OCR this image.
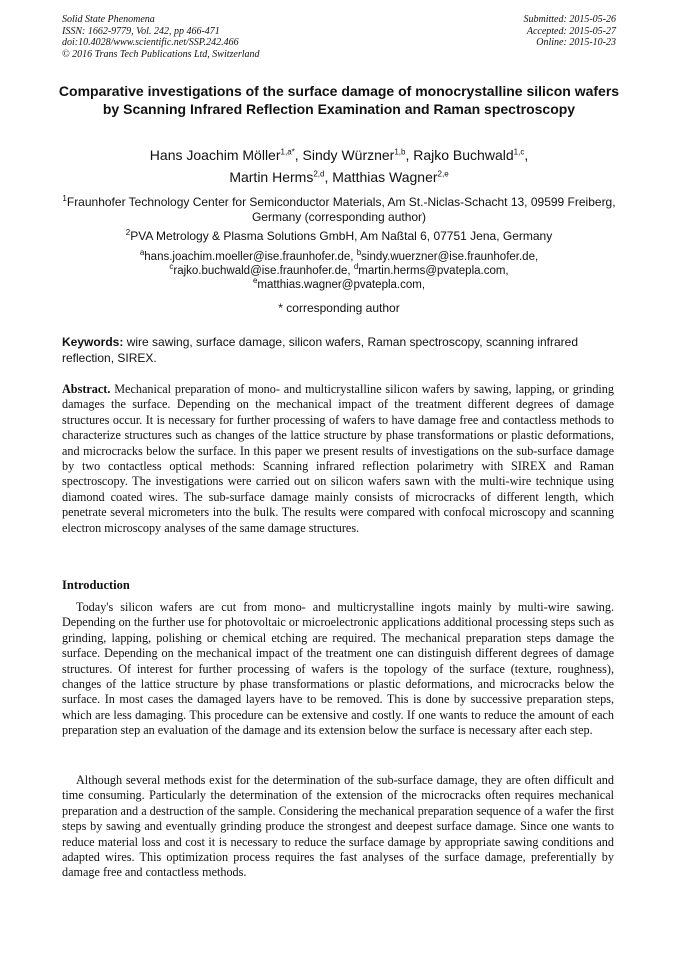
Solid State Phenomena
ISSN: 1662-9779, Vol. 242, pp 466-471
doi:10.4028/www.scientific.net/SSP.242.466
© 2016 Trans Tech Publications Ltd, Switzerland
Submitted: 2015-05-26
Accepted: 2015-05-27
Online: 2015-10-23
Comparative investigations of the surface damage of monocrystalline silicon wafers by Scanning Infrared Reflection Examination and Raman spectroscopy
Hans Joachim Möller$^{1,a*}$, Sindy Würzner$^{1,b}$, Rajko Buchwald$^{1,c}$,
Martin Herms$^{2,d}$, Matthias Wagner$^{2,e}$
$^1$Fraunhofer Technology Center for Semiconductor Materials, Am St.-Niclas-Schacht 13, 09599 Freiberg, Germany (corresponding author)
$^2$PVA Metrology & Plasma Solutions GmbH, Am Naßtal 6, 07751 Jena, Germany
$^a$hans.joachim.moeller@ise.fraunhofer.de, $^b$sindy.wuerzner@ise.fraunhofer.de,
$^c$rajko.buchwald@ise.fraunhofer.de, $^d$martin.herms@pvatepla.com,
$^e$matthias.wagner@pvatepla.com,
* corresponding author
Keywords: wire sawing, surface damage, silicon wafers, Raman spectroscopy, scanning infrared reflection, SIREX.
Abstract. Mechanical preparation of mono- and multicrystalline silicon wafers by sawing, lapping, or grinding damages the surface. Depending on the mechanical impact of the treatment different degrees of damage structures occur. It is necessary for further processing of wafers to have damage free and contactless methods to characterize structures such as changes of the lattice structure by phase transformations or plastic deformations, and microcracks below the surface. In this paper we present results of investigations on the sub-surface damage by two contactless optical methods: Scanning infrared reflection polarimetry with SIREX and Raman spectroscopy. The investigations were carried out on silicon wafers sawn with the multi-wire technique using diamond coated wires. The sub-surface damage mainly consists of microcracks of different length, which penetrate several micrometers into the bulk. The results were compared with confocal microscopy and scanning electron microscopy analyses of the same damage structures.
Introduction
Today's silicon wafers are cut from mono- and multicrystalline ingots mainly by multi-wire sawing. Depending on the further use for photovoltaic or microelectronic applications additional processing steps such as grinding, lapping, polishing or chemical etching are required. The mechanical preparation steps damage the surface. Depending on the mechanical impact of the treatment one can distinguish different degrees of damage structures. Of interest for further processing of wafers is the topology of the surface (texture, roughness), changes of the lattice structure by phase transformations or plastic deformations, and microcracks below the surface. In most cases the damaged layers have to be removed. This is done by successive preparation steps, which are less damaging. This procedure can be extensive and costly. If one wants to reduce the amount of each preparation step an evaluation of the damage and its extension below the surface is necessary after each step.
Although several methods exist for the determination of the sub-surface damage, they are often difficult and time consuming. Particularly the determination of the extension of the microcracks often requires mechanical preparation and a destruction of the sample. Considering the mechanical preparation sequence of a wafer the first steps by sawing and eventually grinding produce the strongest and deepest surface damage. Since one wants to reduce material loss and cost it is necessary to reduce the surface damage by appropriate sawing conditions and adapted wires. This optimization process requires the fast analyses of the surface damage, preferentially by damage free and contactless methods.
